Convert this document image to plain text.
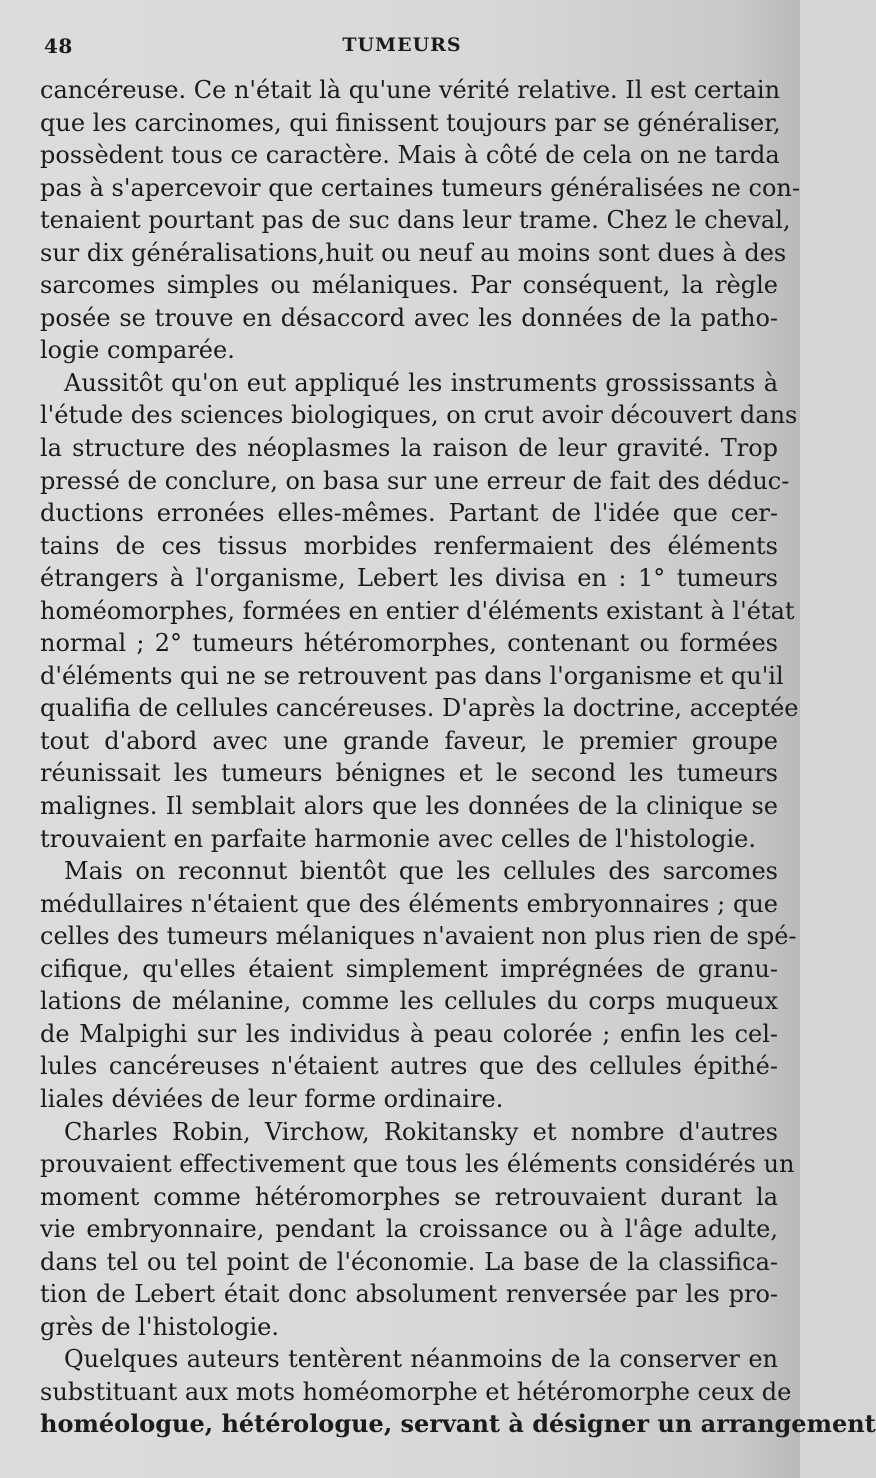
48	TUMEURS
cancéreuse. Ce n'était là qu'une vérité relative. Il est certain
que les carcinomes, qui finissent toujours par se généraliser,
possèdent tous ce caractère. Mais à côté de cela on ne tarda
pas à s'apercevoir que certaines tumeurs généralisées ne con-
tenaient pourtant pas de suc dans leur trame. Chez le cheval,
sur dix généralisations,huit ou neuf au moins sont dues à des
sarcomes simples ou mélaniques. Par conséquent, la règle
posée se trouve en désaccord avec les données de la patho-
logie comparée.
Aussitôt qu'on eut appliqué les instruments grossissants à
l'étude des sciences biologiques, on crut avoir découvert dans
la structure des néoplasmes la raison de leur gravité. Trop
pressé de conclure, on basa sur une erreur de fait des déduc-
ductions erronées elles-mêmes. Partant de l'idée que cer-
tains de ces tissus morbides renfermaient des éléments
étrangers à l'organisme, Lebert les divisa en : 1° tumeurs
homéomorphes, formées en entier d'éléments existant à l'état
normal ; 2° tumeurs hétéromorphes, contenant ou formées
d'éléments qui ne se retrouvent pas dans l'organisme et qu'il
qualifia de cellules cancéreuses. D'après la doctrine, acceptée
tout d'abord avec une grande faveur, le premier groupe
réunissait les tumeurs bénignes et le second les tumeurs
malignes. Il semblait alors que les données de la clinique se
trouvaient en parfaite harmonie avec celles de l'histologie.
Mais on reconnut bientôt que les cellules des sarcomes
médullaires n'étaient que des éléments embryonnaires ; que
celles des tumeurs mélaniques n'avaient non plus rien de spé-
cifique, qu'elles étaient simplement imprégnées de granu-
lations de mélanine, comme les cellules du corps muqueux
de Malpighi sur les individus à peau colorée ; enfin les cel-
lules cancéreuses n'étaient autres que des cellules épithé-
liales déviées de leur forme ordinaire.
Charles Robin, Virchow, Rokitansky et nombre d'autres
prouvaient effectivement que tous les éléments considérés un
moment comme hétéromorphes se retrouvaient durant la
vie embryonnaire, pendant la croissance ou à l'âge adulte,
dans tel ou tel point de l'économie. La base de la classifica-
tion de Lebert était donc absolument renversée par les pro-
grès de l'histologie.
Quelques auteurs tentèrent néanmoins de la conserver en
substituant aux mots homéomorphe et hétéromorphe ceux de
homéologue, hétérologue, servant à désigner un arrangement
